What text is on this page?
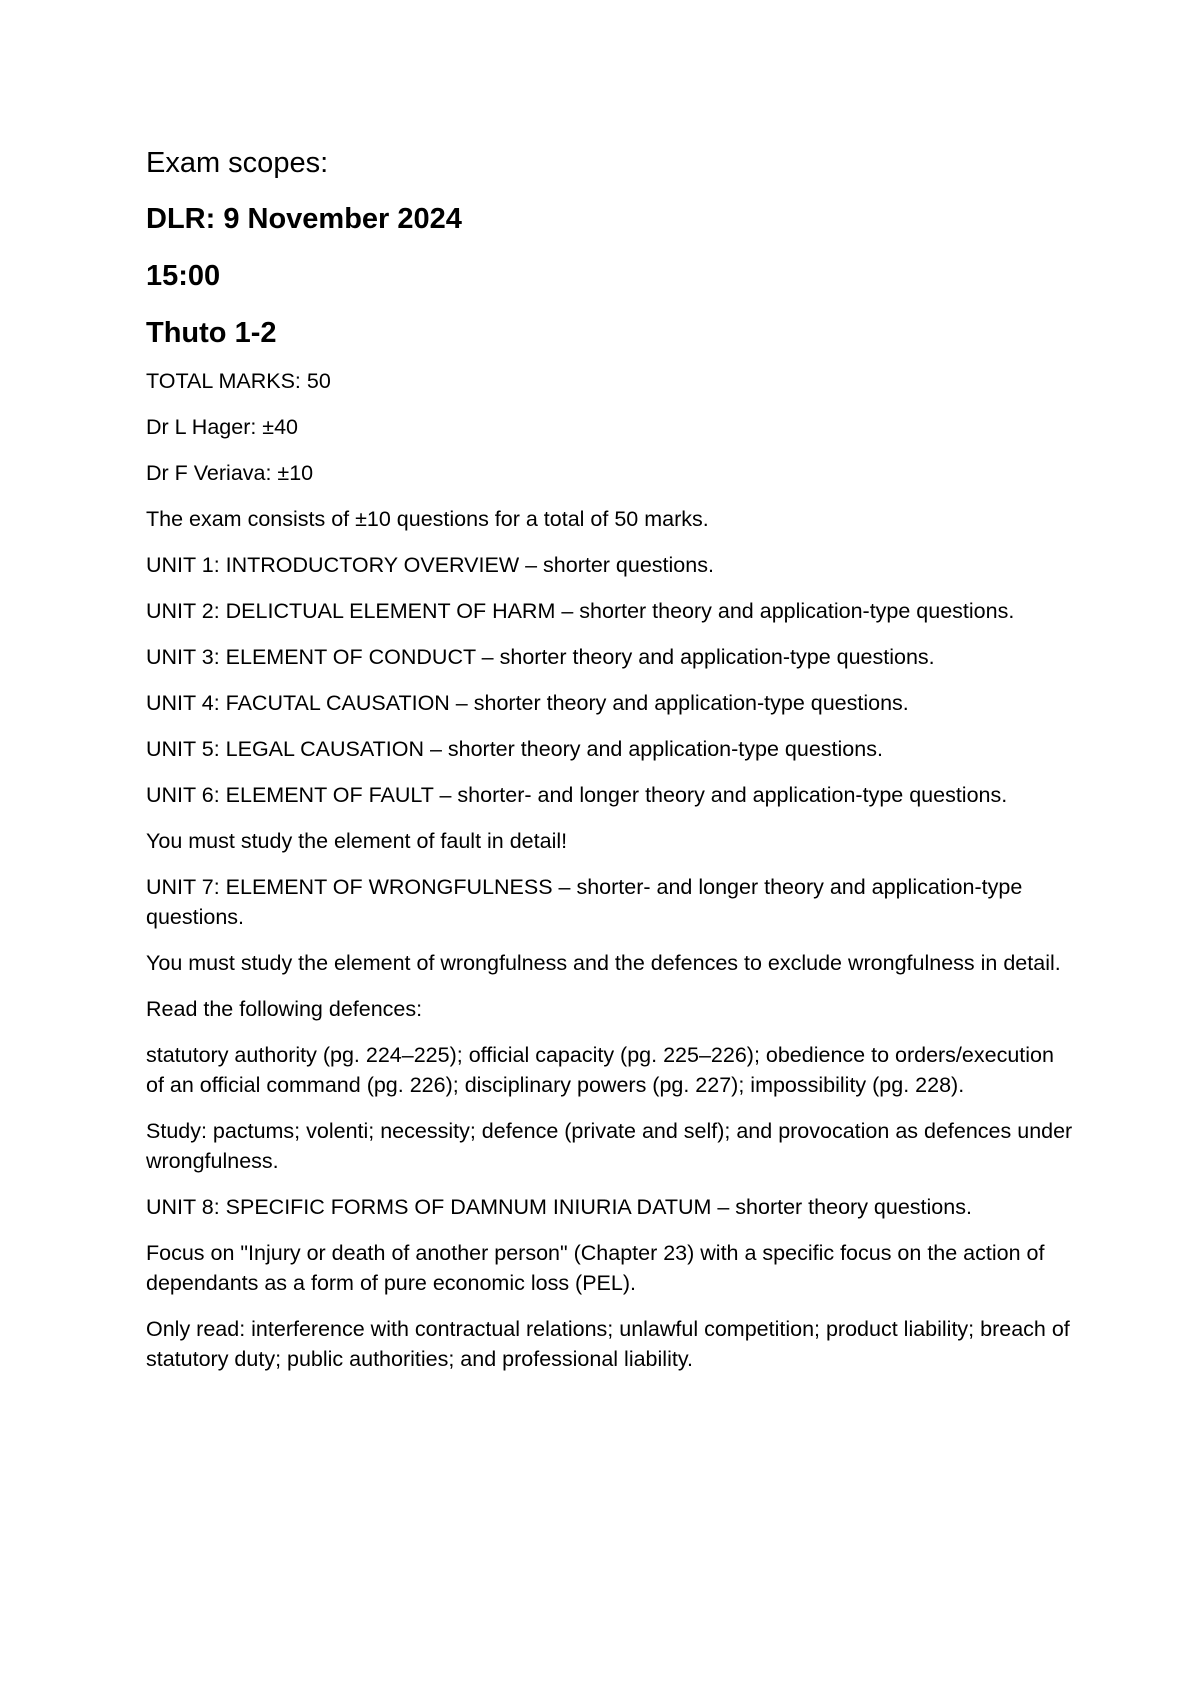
Exam scopes:
DLR: 9 November 2024
15:00
Thuto 1-2

TOTAL MARKS: 50

Dr L Hager: ±40

Dr F Veriava: ±10

The exam consists of ±10 questions for a total of 50 marks.

UNIT 1: INTRODUCTORY OVERVIEW – shorter questions.

UNIT 2: DELICTUAL ELEMENT OF HARM – shorter theory and application-type questions.

UNIT 3: ELEMENT OF CONDUCT – shorter theory and application-type questions.

UNIT 4: FACUTAL CAUSATION – shorter theory and application-type questions.

UNIT 5: LEGAL CAUSATION – shorter theory and application-type questions.

UNIT 6: ELEMENT OF FAULT – shorter- and longer theory and application-type questions.

You must study the element of fault in detail!

UNIT 7: ELEMENT OF WRONGFULNESS – shorter- and longer theory and application-type questions.

You must study the element of wrongfulness and the defences to exclude wrongfulness in detail.

Read the following defences:

statutory authority (pg. 224–225); official capacity (pg. 225–226); obedience to orders/execution of an official command (pg. 226); disciplinary powers (pg. 227); impossibility (pg. 228).

Study: pactums; volenti; necessity; defence (private and self); and provocation as defences under wrongfulness.

UNIT 8: SPECIFIC FORMS OF DAMNUM INIURIA DATUM – shorter theory questions.

Focus on "Injury or death of another person" (Chapter 23) with a specific focus on the action of dependants as a form of pure economic loss (PEL).

Only read: interference with contractual relations; unlawful competition; product liability; breach of statutory duty; public authorities; and professional liability.
